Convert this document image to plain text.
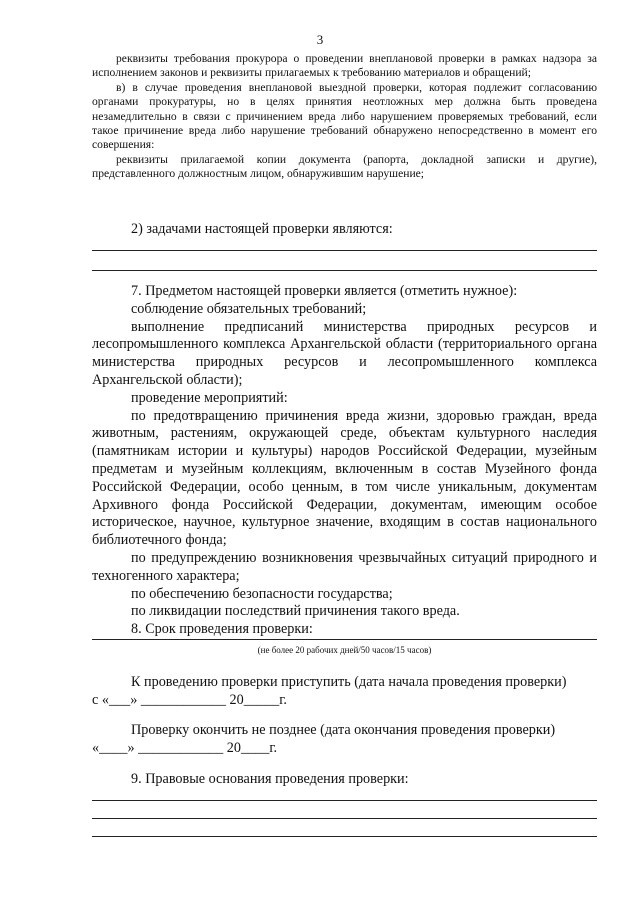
3

реквизиты требования прокурора о проведении внеплановой проверки в рамках надзора за исполнением законов и реквизиты прилагаемых к требованию материалов и обращений;

в) в случае проведения внеплановой выездной проверки, которая подлежит согласованию органами прокуратуры, но в целях принятия неотложных мер должна быть проведена незамедлительно в связи с причинением вреда либо нарушением проверяемых требований, если такое причинение вреда либо нарушение требований обнаружено непосредственно в момент его совершения:

реквизиты прилагаемой копии документа (рапорта, докладной записки и другие), представленного должностным лицом, обнаружившим нарушение;

2) задачами настоящей проверки являются:

7. Предметом настоящей проверки является (отметить нужное):

соблюдение обязательных требований;

выполнение предписаний министерства природных ресурсов и лесопромышленного комплекса Архангельской области (территориального органа министерства природных ресурсов и лесопромышленного комплекса Архангельской области);

проведение мероприятий:

по предотвращению причинения вреда жизни, здоровью граждан, вреда животным, растениям, окружающей среде, объектам культурного наследия (памятникам истории и культуры) народов Российской Федерации, музейным предметам и музейным коллекциям, включенным в состав Музейного фонда Российской Федерации, особо ценным, в том числе уникальным, документам Архивного фонда Российской Федерации, документам, имеющим особое историческое, научное, культурное значение, входящим в состав национального библиотечного фонда;

по предупреждению возникновения чрезвычайных ситуаций природного и техногенного характера;

по обеспечению безопасности государства;

по ликвидации последствий причинения такого вреда.

8. Срок проведения проверки:

(не более 20 рабочих дней/50 часов/15 часов)

К проведению проверки приступить (дата начала проведения проверки)

с «___» ____________ 20_____г.

Проверку окончить не позднее (дата окончания проведения проверки)

«____» ____________ 20____г.

9. Правовые основания проведения проверки:
